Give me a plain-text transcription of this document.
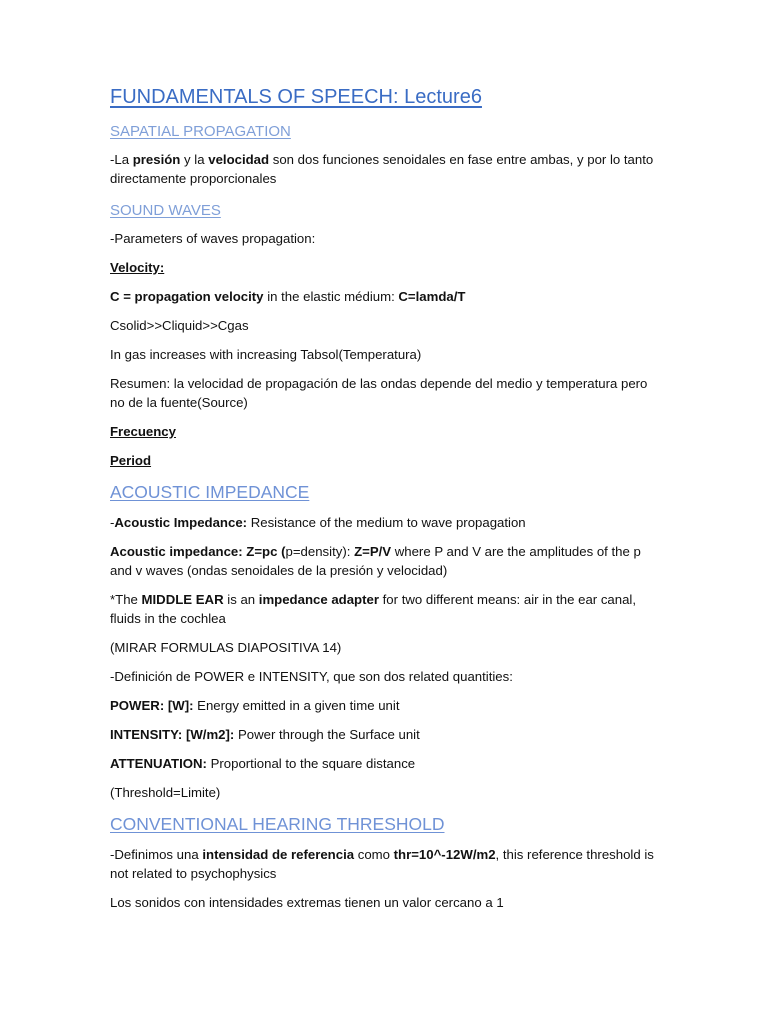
FUNDAMENTALS OF SPEECH: Lecture6
SAPATIAL PROPAGATION

-La presión y la velocidad son dos funciones senoidales en fase entre ambas, y por lo tanto directamente proporcionales

SOUND WAVES

-Parameters of waves propagation:

Velocity:

C = propagation velocity in the elastic médium: C=lamda/T

Csolid>>Cliquid>>Cgas

In gas increases with increasing Tabsol(Temperatura)

Resumen: la velocidad de propagación de las ondas depende del medio y temperatura pero no de la fuente(Source)

Frecuency

Period

ACOUSTIC IMPEDANCE

-Acoustic Impedance: Resistance of the medium to wave propagation

Acoustic impedance: Z=pc (p=density): Z=P/V where P and V are the amplitudes of the p and v waves (ondas senoidales de la presión y velocidad)

*The MIDDLE EAR is an impedance adapter for two different means: air in the ear canal, fluids in the cochlea

(MIRAR FORMULAS DIAPOSITIVA 14)

-Definición de POWER e INTENSITY, que son dos related quantities:

POWER: [W]: Energy emitted in a given time unit

INTENSITY: [W/m2]: Power through the Surface unit

ATTENUATION: Proportional to the square distance

(Threshold=Limite)

CONVENTIONAL HEARING THRESHOLD

-Definimos una intensidad de referencia como thr=10^-12W/m2, this reference threshold is not related to psychophysics

Los sonidos con intensidades extremas tienen un valor cercano a 1
